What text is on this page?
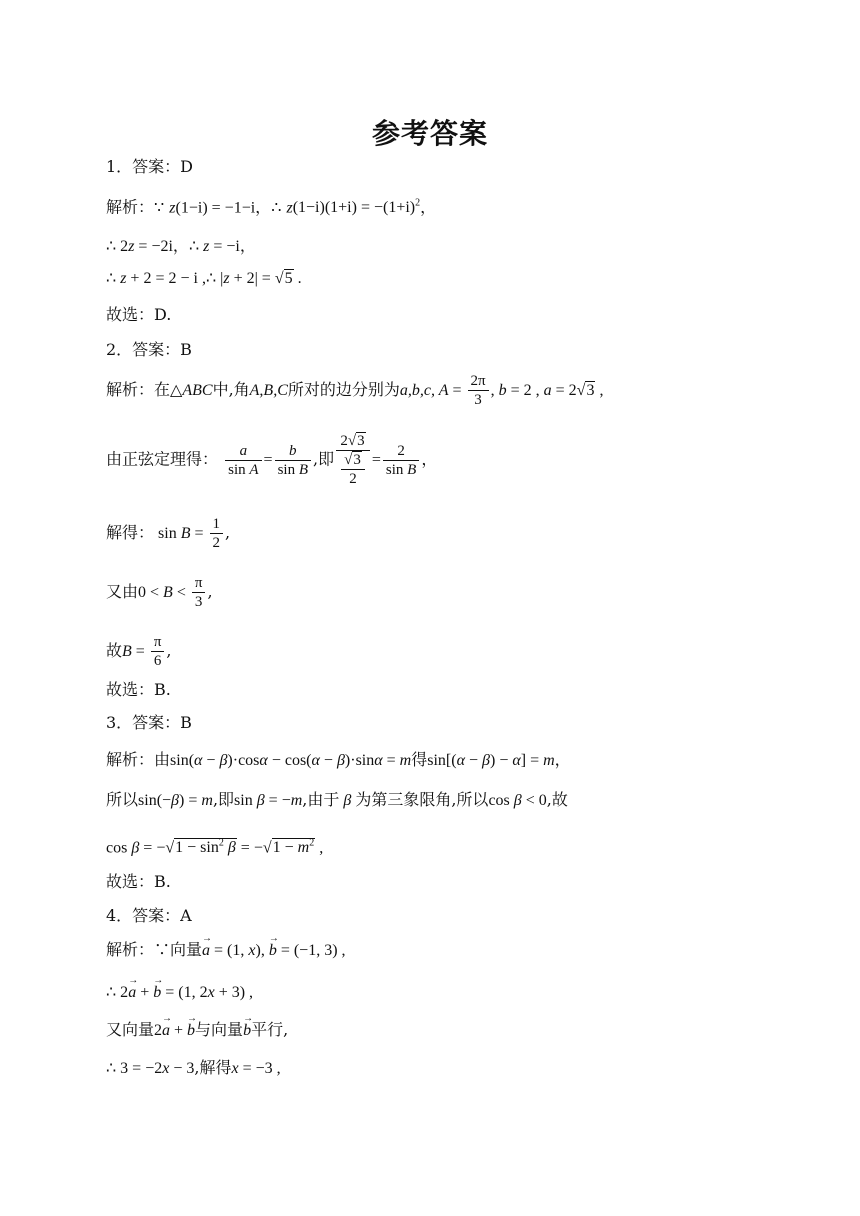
参考答案
1．答案：D
解析：∵ z(1−i) = −1−i，∴ $z(1-i)(1+i) = -(1+i)^2$，
∴ 2z = −2i，∴ z = −i，
∴ z + 2 = 2 − i ,∴ |z + 2| = √5 .
故选：D.
2．答案：B
解析：在△ABC中,角A,B,C所对的边分别为a,b,c, $A = \frac{2\pi}{3}$ , b = 2 , a = 2√3 ,
由正弦定理得： $\frac{a}{\text{sin A}} = \frac{b}{\text{sin B}}$ ,即 $\frac{2√3}{\frac{√3}{2}} = \frac{2}{\text{sin B}}$ ，
解得： $\sin B = \frac{1}{2}$ ,
又由$0 < B < \frac{\pi}{3}$ ,
故$B = \frac{\pi}{6}$ ,
故选：B.
3．答案：B
解析：由sin(α − β)·cosα − cos(α − β)·sinα = m得sin[(α − β) − α] = m，
所以sin(−β) = m,即sin β = −m,由于 β 为第三象限角,所以cos β < 0,故
$\cos \beta = -√1 - \sin^2 \beta = -√1 - m^2$ ,
故选：B.
4．答案：A
解析：∵向量→ a = (1, x), → b = (−1, 3) ,
∴ 2→ a + → b = (1, 2x + 3) ,
又向量2→ a + → b与向量→ b平行,
∴ 3 = −2x − 3,解得x = −3 ,
